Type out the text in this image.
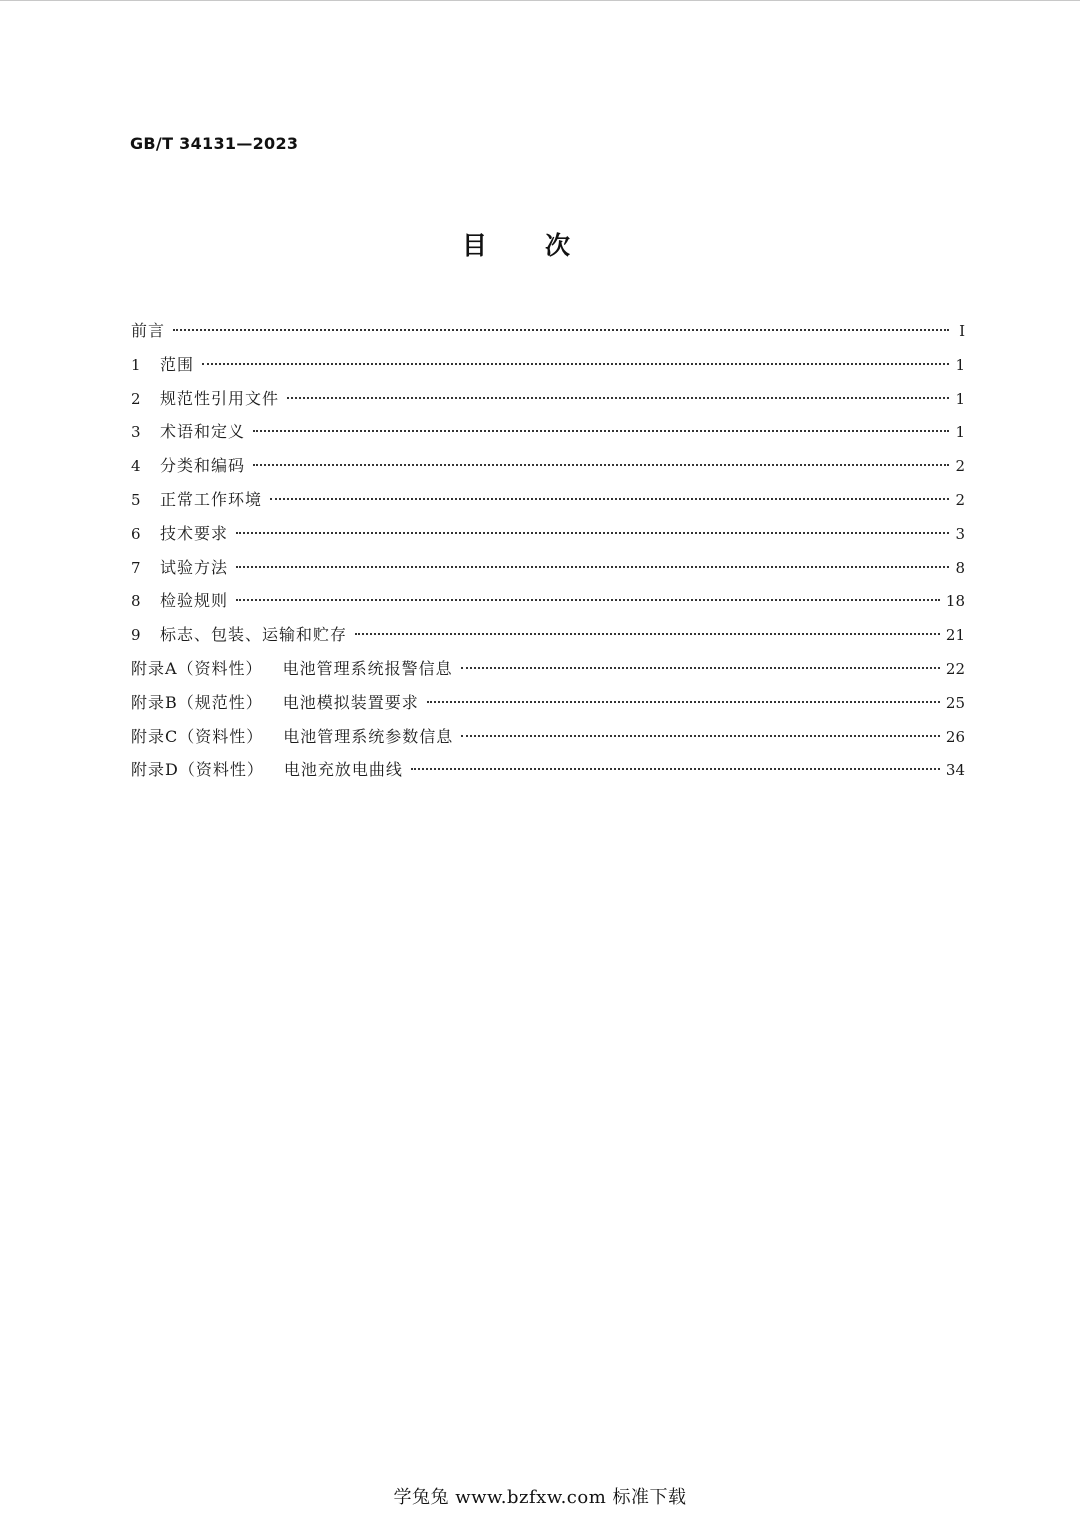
GB/T 34131—2023
目次
前言	I
1	范围	1
2	规范性引用文件	1
3	术语和定义	1
4	分类和编码	2
5	正常工作环境	2
6	技术要求	3
7	试验方法	8
8	检验规则	18
9	标志、包装、运输和贮存	21
附录A（资料性） 电池管理系统报警信息	22
附录B（规范性） 电池模拟装置要求	25
附录C（资料性） 电池管理系统参数信息	26
附录D（资料性） 电池充放电曲线	34
学兔兔 www.bzfxw.com 标准下载
